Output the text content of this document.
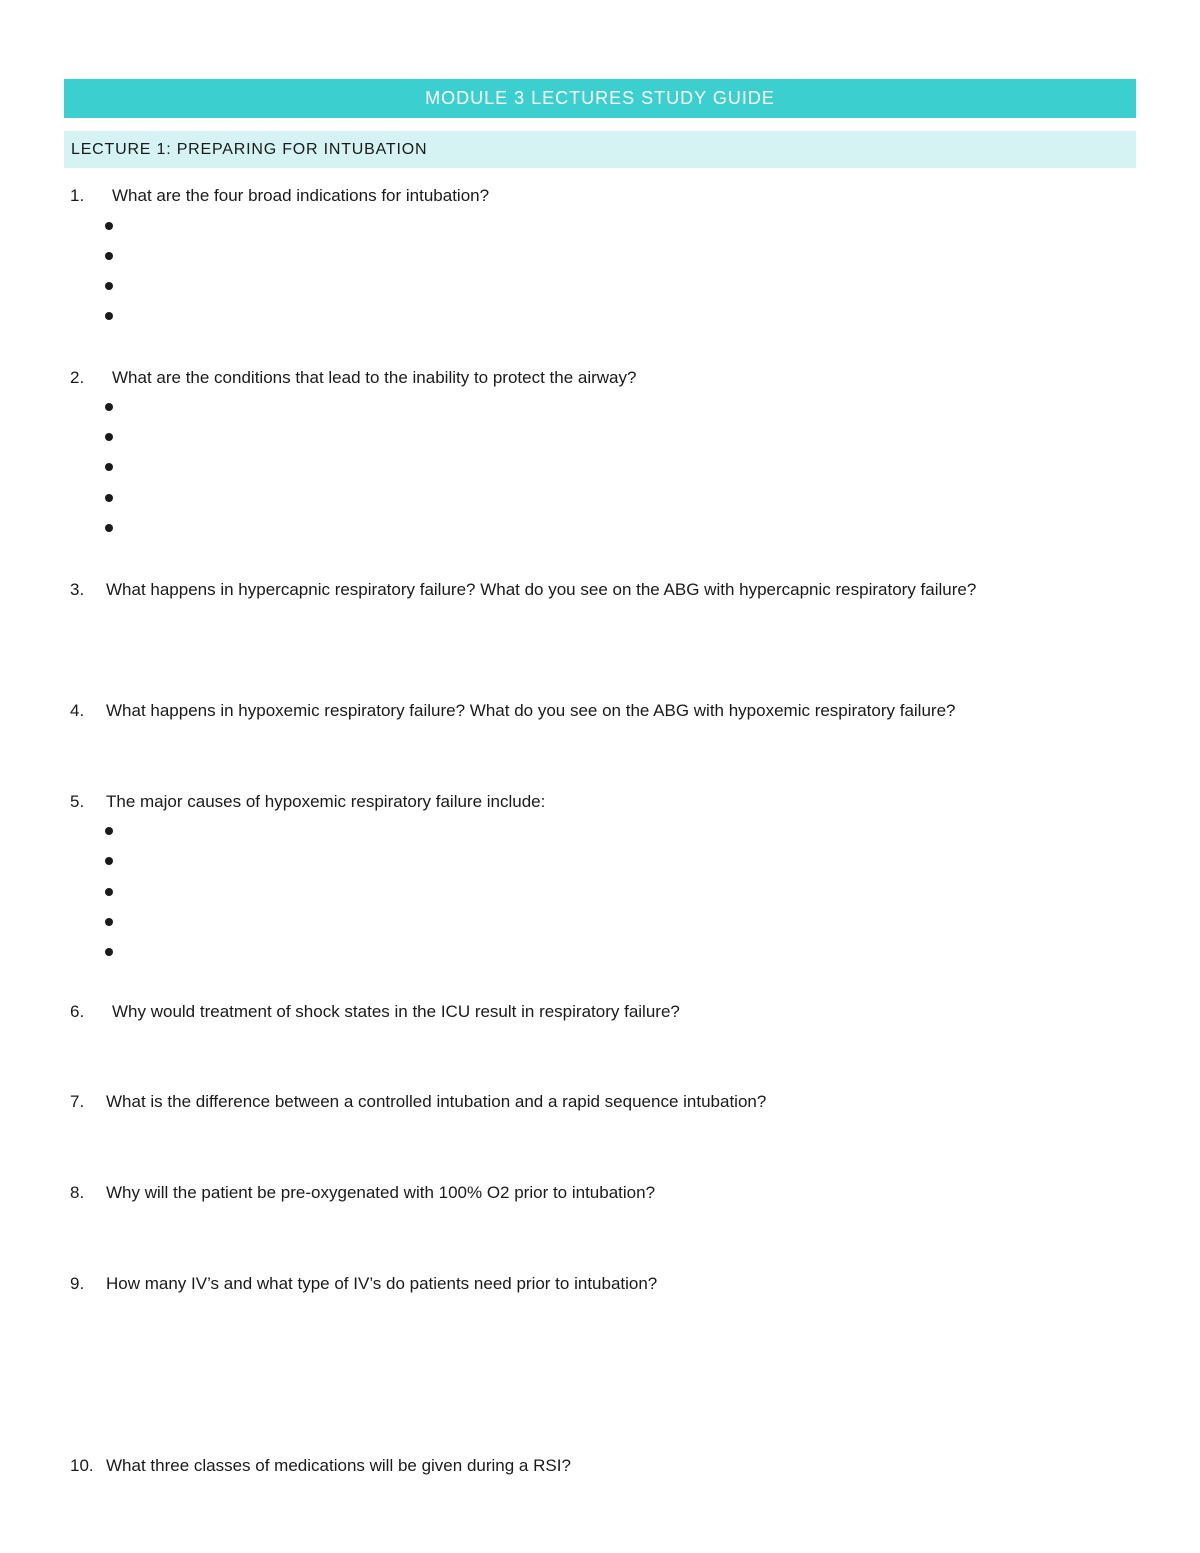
MODULE 3 LECTURES STUDY GUIDE
LECTURE 1: PREPARING FOR INTUBATION
1. What are the four broad indications for intubation?
2. What are the conditions that lead to the inability to protect the airway?
3. What happens in hypercapnic respiratory failure? What do you see on the ABG with hypercapnic respiratory failure?
4. What happens in hypoxemic respiratory failure? What do you see on the ABG with hypoxemic respiratory failure?
5. The major causes of hypoxemic respiratory failure include:
6. Why would treatment of shock states in the ICU result in respiratory failure?
7. What is the difference between a controlled intubation and a rapid sequence intubation?
8. Why will the patient be pre-oxygenated with 100% O2 prior to intubation?
9. How many IV’s and what type of IV’s do patients need prior to intubation?
10. What three classes of medications will be given during a RSI?
